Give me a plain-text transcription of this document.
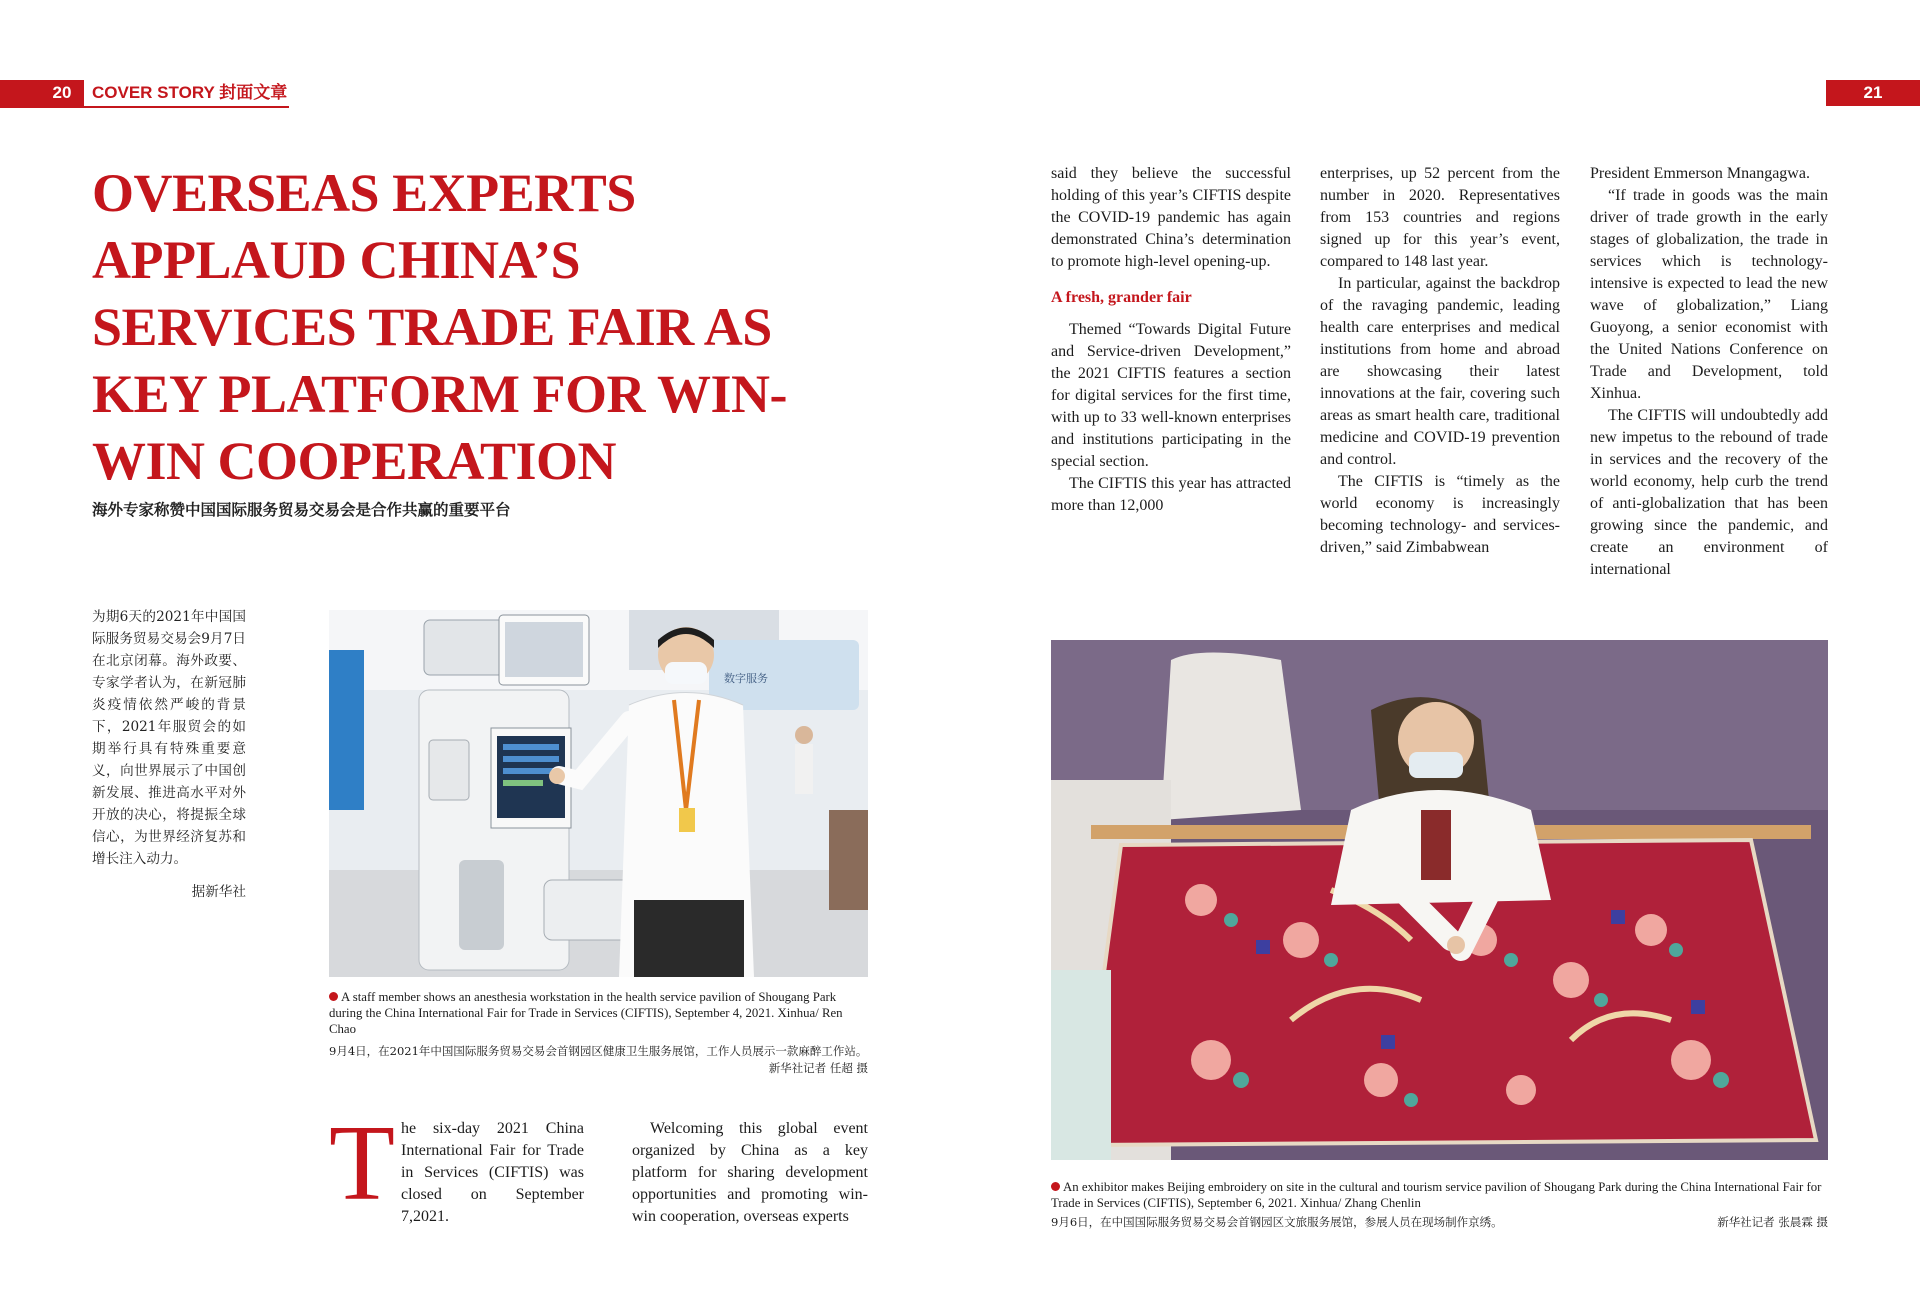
20	COVER STORY 封面文章	21
OVERSEAS EXPERTS
APPLAUD CHINA’S
SERVICES TRADE FAIR AS
KEY PLATFORM FOR WIN-
WIN COOPERATION
海外专家称赞中国国际服务贸易交易会是合作共赢的重要平台
为期6天的2021年中国国际服务贸易交易会9月7日在北京闭幕。海外政要、专家学者认为，在新冠肺炎疫情依然严峻的背景下，2021年服贸会的如期举行具有特殊重要意义，向世界展示了中国创新发展、推进高水平对外开放的决心，将提振全球信心，为世界经济复苏和增长注入动力。
据新华社
数字服务
A staff member shows an anesthesia workstation in the health service pavilion of Shougang Park during the China International Fair for Trade in Services (CIFTIS), September 4, 2021. Xinhua/ Ren Chao
9月4日，在2021年中国国际服务贸易交易会首钢园区健康卫生服务展馆，工作人员展示一款麻醉工作站。
新华社记者 任超 摄
An exhibitor makes Beijing embroidery on site in the cultural and tourism service pavilion of Shougang Park during the China International Fair for Trade in Services (CIFTIS), September 6, 2021. Xinhua/ Zhang Chenlin
9月6日，在中国国际服务贸易交易会首钢园区文旅服务展馆，参展人员在现场制作京绣。	新华社记者 张晨霖 摄
T he six-day 2021 China International Fair for Trade in Services (CIFTIS) was closed on September 7,2021.

Welcoming this global event organized by China as a key platform for sharing development opportunities and promoting win-win cooperation, overseas experts

said they believe the successful holding of this year’s CIFTIS despite the COVID-19 pandemic has again demonstrated China’s determination to promote high-level opening-up.

A fresh, grander fair

Themed “Towards Digital Future and Service-driven Development,” the 2021 CIFTIS features a section for digital services for the first time, with up to 33 well-known enterprises and institutions participating in the special section.

The CIFTIS this year has attracted more than 12,000

enterprises, up 52 percent from the number in 2020. Representatives from 153 countries and regions signed up for this year’s event, compared to 148 last year.

In particular, against the backdrop of the ravaging pandemic, leading health care enterprises and medical institutions from home and abroad are showcasing their latest innovations at the fair, covering such areas as smart health care, traditional medicine and COVID-19 prevention and control.

The CIFTIS is “timely as the world economy is increasingly becoming technology- and services-driven,” said Zimbabwean

President Emmerson Mnangagwa.

“If trade in goods was the main driver of trade growth in the early stages of globalization, the trade in services which is technology-intensive is expected to lead the new wave of globalization,” Liang Guoyong, a senior economist with the United Nations Conference on Trade and Development, told Xinhua.

The CIFTIS will undoubtedly add new impetus to the rebound of trade in services and the recovery of the world economy, help curb the trend of anti-globalization that has been growing since the pandemic, and create an environment of international
